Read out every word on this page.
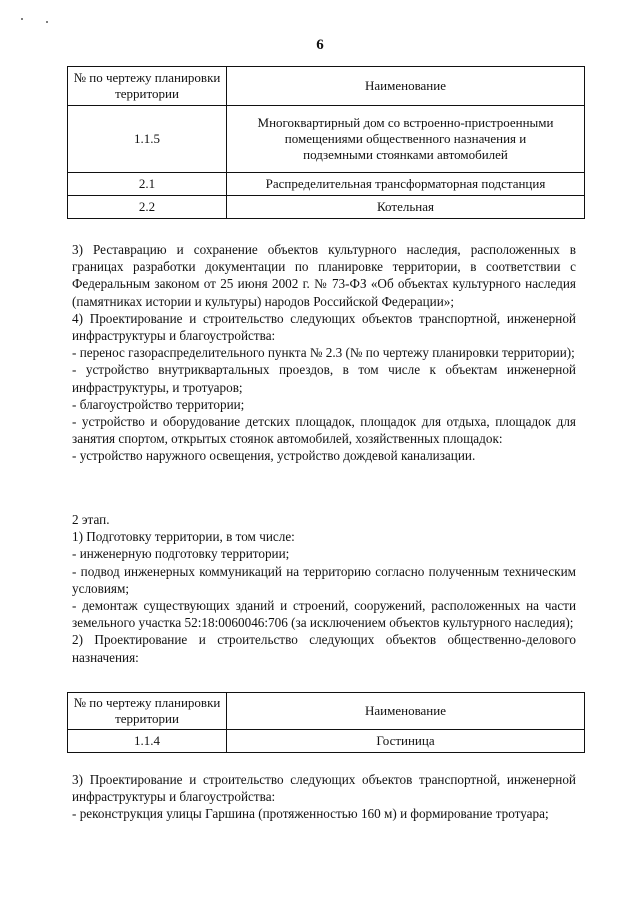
6
№ по чертежу планировки территории	Наименование
1.1.5	Многоквартирный дом со встроенно-пристроенными помещениями общественного назначения и подземными стоянками автомобилей
2.1	Распределительная трансформаторная подстанция
2.2	Котельная

3) Реставрацию и сохранение объектов культурного наследия, расположенных в границах разработки документации по планировке территории, в соответствии с Федеральным законом от 25 июня 2002 г. № 73-ФЗ «Об объектах культурного наследия (памятниках истории и культуры) народов Российской Федерации»;

4) Проектирование и строительство следующих объектов транспортной, инженерной инфраструктуры и благоустройства:

- перенос газораспределительного пункта № 2.3 (№ по чертежу планировки территории);

- устройство внутриквартальных проездов, в том числе к объектам инженерной инфраструктуры, и тротуаров;

- благоустройство территории;

- устройство и оборудование детских площадок, площадок для отдыха, площадок для занятия спортом, открытых стоянок автомобилей, хозяйственных площадок:

- устройство наружного освещения, устройство дождевой канализации.

2 этап.

1) Подготовку территории, в том числе:

- инженерную подготовку территории;

- подвод инженерных коммуникаций на территорию согласно полученным техническим условиям;

- демонтаж существующих зданий и строений, сооружений, расположенных на части земельного участка 52:18:0060046:706 (за исключением объектов культурного наследия);

2) Проектирование и строительство следующих объектов общественно-делового назначения:

№ по чертежу планировки территории	Наименование
1.1.4	Гостиница

3) Проектирование и строительство следующих объектов транспортной, инженерной инфраструктуры и благоустройства:

- реконструкция улицы Гаршина (протяженностью 160 м) и формирование тротуара;
